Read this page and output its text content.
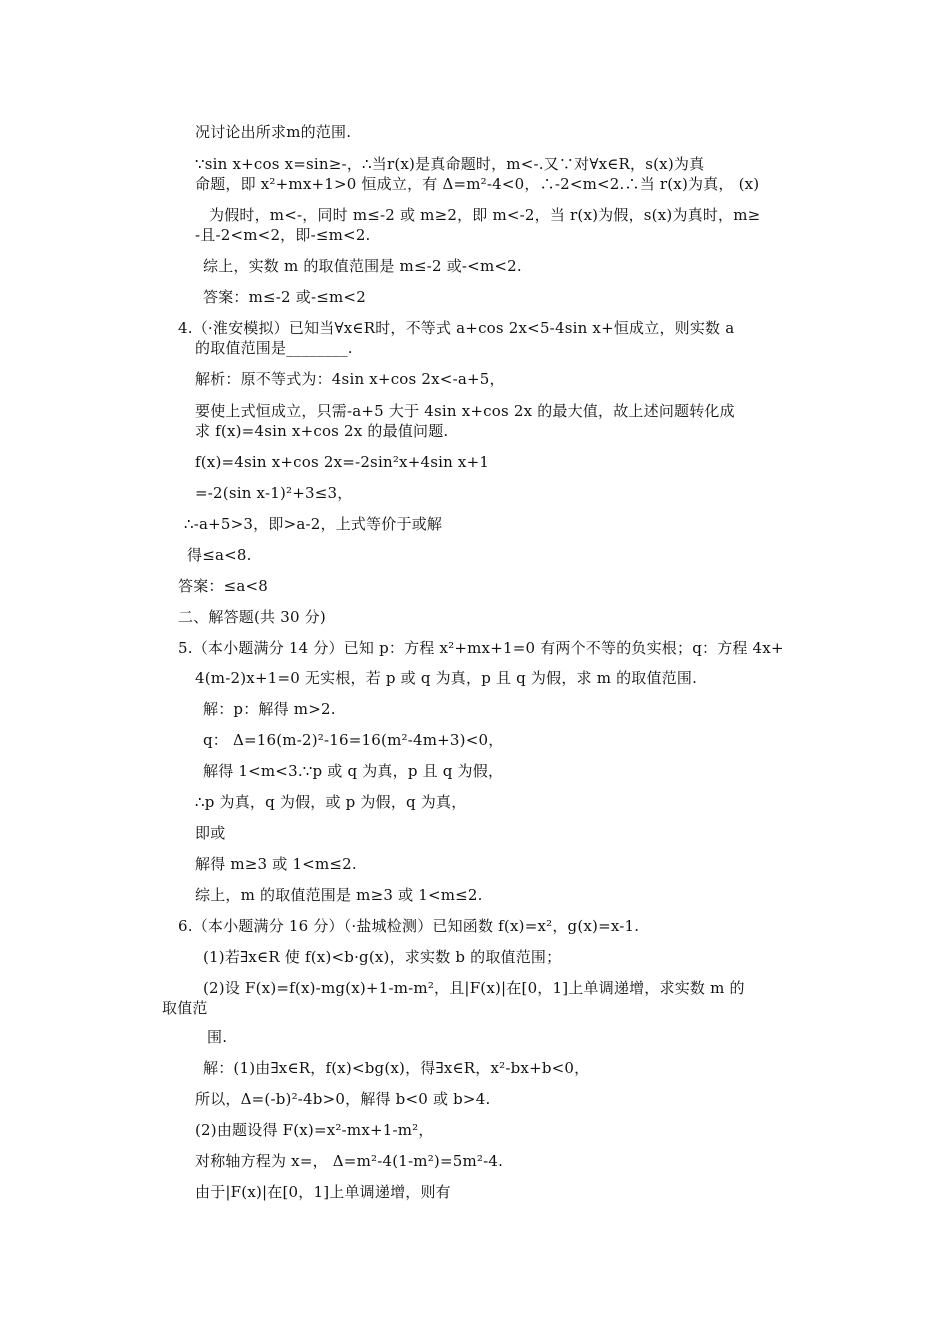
况讨论出所求m的范围.
∵sin x+cos x=sin≥-，∴当r(x)是真命题时，m<-.又∵对∀x∈R，s(x)为真
命题，即 x²+mx+1>0 恒成立，有 Δ=m²-4<0，∴-2<m<2.∴当 r(x)为真， (x)
为假时，m<-，同时 m≤-2 或 m≥2，即 m<-2，当 r(x)为假，s(x)为真时，m≥
-且-2<m<2，即-≤m<2.
综上，实数 m 的取值范围是 m≤-2 或-<m<2.
答案：m≤-2 或-≤m<2
4.（·淮安模拟）已知当∀x∈R时，不等式 a+cos 2x<5-4sin x+恒成立，则实数 a
的取值范围是________.
解析：原不等式为：4sin x+cos 2x<-a+5，
要使上式恒成立，只需-a+5 大于 4sin x+cos 2x 的最大值，故上述问题转化成
求 f(x)=4sin x+cos 2x 的最值问题.
f(x)=4sin x+cos 2x=-2sin²x+4sin x+1
=-2(sin x-1)²+3≤3，
∴-a+5>3，即>a-2，上式等价于或解
得≤a<8.
答案：≤a<8
二、解答题(共 30 分)
5.（本小题满分 14 分）已知 p：方程 x²+mx+1=0 有两个不等的负实根；q：方程 4x+
4(m-2)x+1=0 无实根，若 p 或 q 为真，p 且 q 为假，求 m 的取值范围.
解：p：解得 m>2.
q： Δ=16(m-2)²-16=16(m²-4m+3)<0，
解得 1<m<3.∵p 或 q 为真，p 且 q 为假，
∴p 为真，q 为假，或 p 为假，q 为真，
即或
解得 m≥3 或 1<m≤2.
综上，m 的取值范围是 m≥3 或 1<m≤2.
6.（本小题满分 16 分）（·盐城检测）已知函数 f(x)=x²，g(x)=x-1.
(1)若∃x∈R 使 f(x)<b·g(x)，求实数 b 的取值范围；
(2)设 F(x)=f(x)-mg(x)+1-m-m²，且|F(x)|在[0，1]上单调递增，求实数 m 的
取值范
围.
解：(1)由∃x∈R，f(x)<bg(x)，得∃x∈R，x²-bx+b<0，
所以，Δ=(-b)²-4b>0，解得 b<0 或 b>4.
(2)由题设得 F(x)=x²-mx+1-m²，
对称轴方程为 x=， Δ=m²-4(1-m²)=5m²-4.
由于|F(x)|在[0，1]上单调递增，则有
